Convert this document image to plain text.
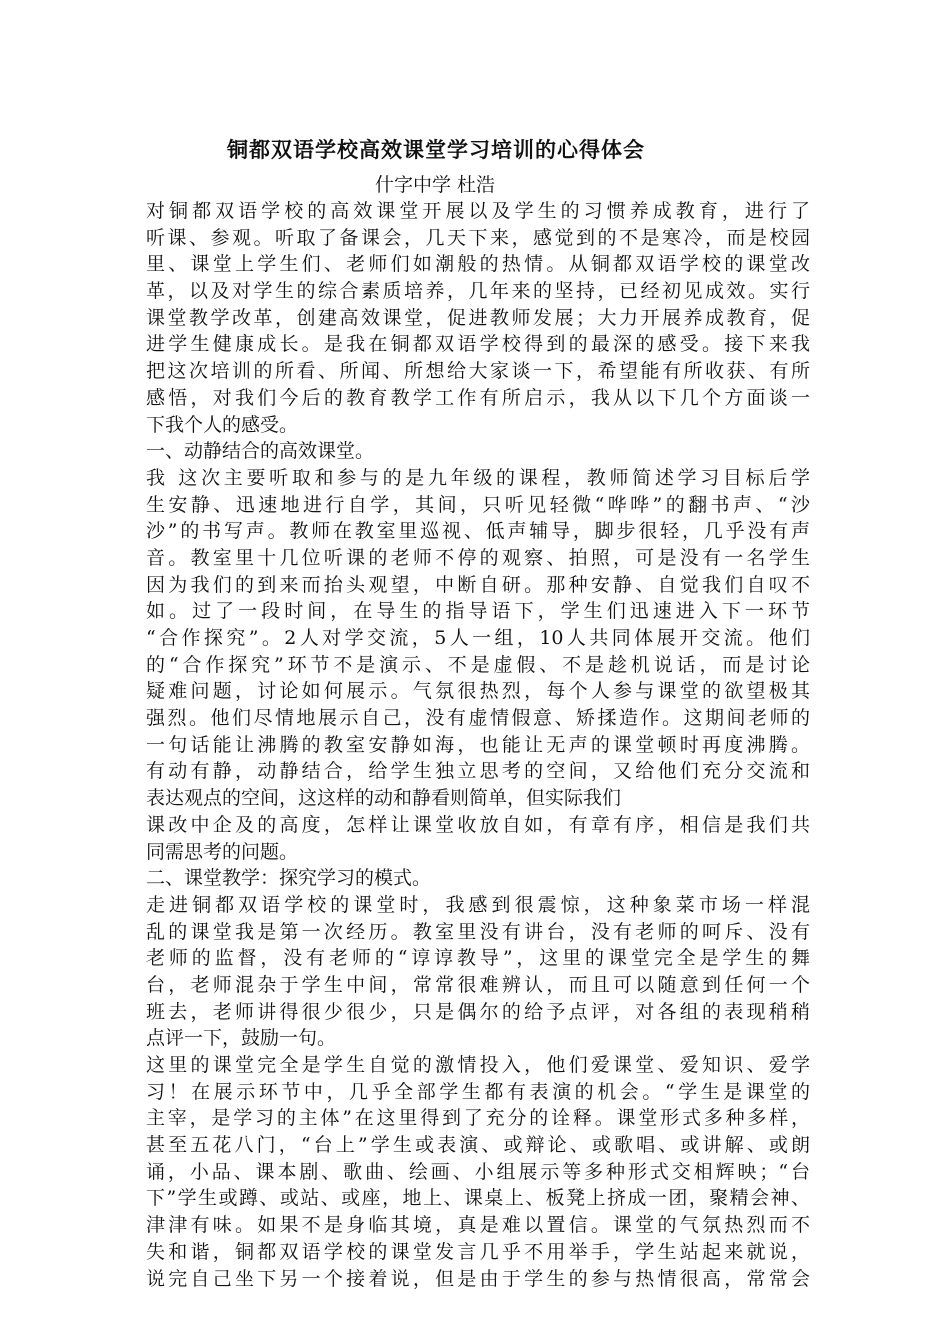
铜都双语学校高效课堂学习培训的心得体会
什字中学 杜浩
对铜都双语学校的高效课堂开展以及学生的习惯养成教育，进行了
听课、参观。听取了备课会，几天下来，感觉到的不是寒冷，而是校园
里、课堂上学生们、老师们如潮般的热情。从铜都双语学校的课堂改
革，以及对学生的综合素质培养，几年来的坚持，已经初见成效。实行
课堂教学改革，创建高效课堂，促进教师发展；大力开展养成教育，促
进学生健康成长。是我在铜都双语学校得到的最深的感受。接下来我
把这次培训的所看、所闻、所想给大家谈一下，希望能有所收获、有所
感悟，对我们今后的教育教学工作有所启示，我从以下几个方面谈一
下我个人的感受。
一、动静结合的高效课堂。
我 这次主要听取和参与的是九年级的课程，教师简述学习目标后学
生安静、迅速地进行自学，其间，只听见轻微“哗哗”的翻书声、“沙
沙”的书写声。教师在教室里巡视、低声辅导，脚步很轻，几乎没有声
音。教室里十几位听课的老师不停的观察、拍照，可是没有一名学生
因为我们的到来而抬头观望，中断自研。那种安静、自觉我们自叹不
如。过了一段时间，在导生的指导语下，学生们迅速进入下一环节
“合作探究”。2人对学交流，5人一组，10人共同体展开交流。他们
的“合作探究”环节不是演示、不是虚假、不是趁机说话，而是讨论
疑难问题，讨论如何展示。气氛很热烈，每个人参与课堂的欲望极其
强烈。他们尽情地展示自己，没有虚情假意、矫揉造作。这期间老师的
一句话能让沸腾的教室安静如海，也能让无声的课堂顿时再度沸腾。
有动有静，动静结合，给学生独立思考的空间，又给他们充分交流和
表达观点的空间，这这样的动和静看则简单，但实际我们
课改中企及的高度，怎样让课堂收放自如，有章有序，相信是我们共
同需思考的问题。
二、课堂教学：探究学习的模式。
走进铜都双语学校的课堂时，我感到很震惊，这种象菜市场一样混
乱的课堂我是第一次经历。教室里没有讲台，没有老师的呵斥、没有
老师的监督，没有老师的“谆谆教导”，这里的课堂完全是学生的舞
台，老师混杂于学生中间，常常很难辨认，而且可以随意到任何一个
班去，老师讲得很少很少，只是偶尔的给予点评，对各组的表现稍稍
点评一下，鼓励一句。
这里的课堂完全是学生自觉的激情投入，他们爱课堂、爱知识、爱学
习！在展示环节中，几乎全部学生都有表演的机会。“学生是课堂的
主宰，是学习的主体”在这里得到了充分的诠释。课堂形式多种多样，
甚至五花八门，“台上”学生或表演、或辩论、或歌唱、或讲解、或朗
诵，小品、课本剧、歌曲、绘画、小组展示等多种形式交相辉映；“台
下”学生或蹲、或站、或座，地上、课桌上、板凳上挤成一团，聚精会神、
津津有味。如果不是身临其境，真是难以置信。课堂的气氛热烈而不
失和谐，铜都双语学校的课堂发言几乎不用举手，学生站起来就说，
说完自己坐下另一个接着说，但是由于学生的参与热情很高，常常会
